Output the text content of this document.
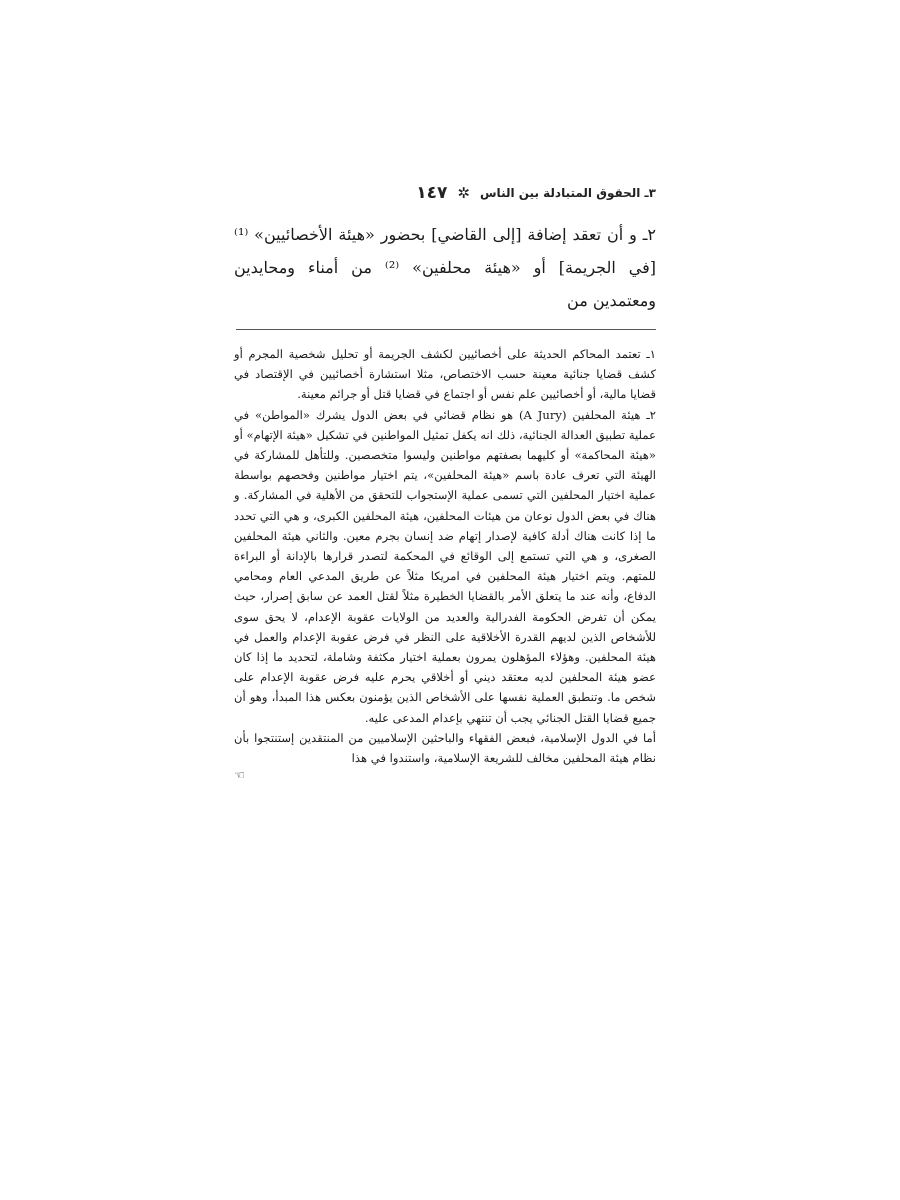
٣ـ الحقوق المتبادلة بين الناس
✲
١٤٧

٢ـ و أن تعقد إضافة [إلى القاضي] بحضور «هيئة الأخصائيين» ⁽¹⁾ [في الجريمة] أو «هيئة محلفين» ⁽²⁾ من أمناء ومحايدين ومعتمدين من

١ـ تعتمد المحاكم الحديثة على أخصائيين لكشف الجريمة أو تحليل شخصية المجرم أو كشف قضايا جنائية معينة حسب الاختصاص، مثلا استشارة أخصائيين في الإقتصاد في قضايا مالية، أو أخصائيين علم نفس أو اجتماع في قضايا قتل أو جرائم معينة.

٢ـ هيئة المحلفين (A Jury) هو نظام قضائي في بعض الدول يشرك «المواطن» في عملية تطبيق العدالة الجنائية، ذلك انه يكفل تمثيل المواطنين في تشكيل «هيئة الإتهام» أو «هيئة المحاكمة» أو كليهما بصفتهم مواطنين وليسوا متخصصين. وللتأهل للمشاركة في الهيئة التي تعرف عادة باسم «هيئة المحلفين»، يتم اختيار مواطنين وفحصهم بواسطة عملية اختيار المحلفين التي تسمى عملية الإستجواب للتحقق من الأهلية في المشاركة. و هناك في بعض الدول نوعان من هيئات المحلفين، هيئة المحلفين الكبرى، و هي التي تحدد ما إذا كانت هناك أدلة كافية لإصدار إتهام ضد إنسان بجرم معين. والثاني هيئة المحلفين الصغرى، و هي التي تستمع إلى الوقائع في المحكمة لتصدر قرارها بالإدانة أو البراءة للمتهم. ويتم اختيار هيئة المحلفين في امريكا مثلاً عن طريق المدعي العام ومحامي الدفاع، وأنه عند ما يتعلق الأمر بالقضايا الخطيرة مثلاً لقتل العمد عن سابق إصرار، حيث يمكن أن تفرض الحكومة الفدرالية والعديد من الولايات عقوبة الإعدام، لا يحق سوى للأشخاص الذين لديهم القدرة الأخلاقية على النظر في فرض عقوبة الإعدام والعمل في هيئة المحلفين. وهؤلاء المؤهلون يمرون بعملية اختيار مكثفة وشاملة، لتحديد ما إذا كان عضو هيئة المحلفين لديه معتقد ديني أو أخلاقي يحرم عليه فرض عقوبة الإعدام على شخص ما. وتنطبق العملية نفسها على الأشخاص الذين يؤمنون بعكس هذا المبدأ، وهو أن جميع قضايا القتل الجنائي يجب أن تنتهي بإعدام المدعى عليه.

أما في الدول الإسلامية، فبعض الفقهاء والباحثين الإسلاميين من المنتقدين إستنتجوا بأن نظام هيئة المحلفين مخالف للشريعة الإسلامية، واستندوا في هذا

☜
